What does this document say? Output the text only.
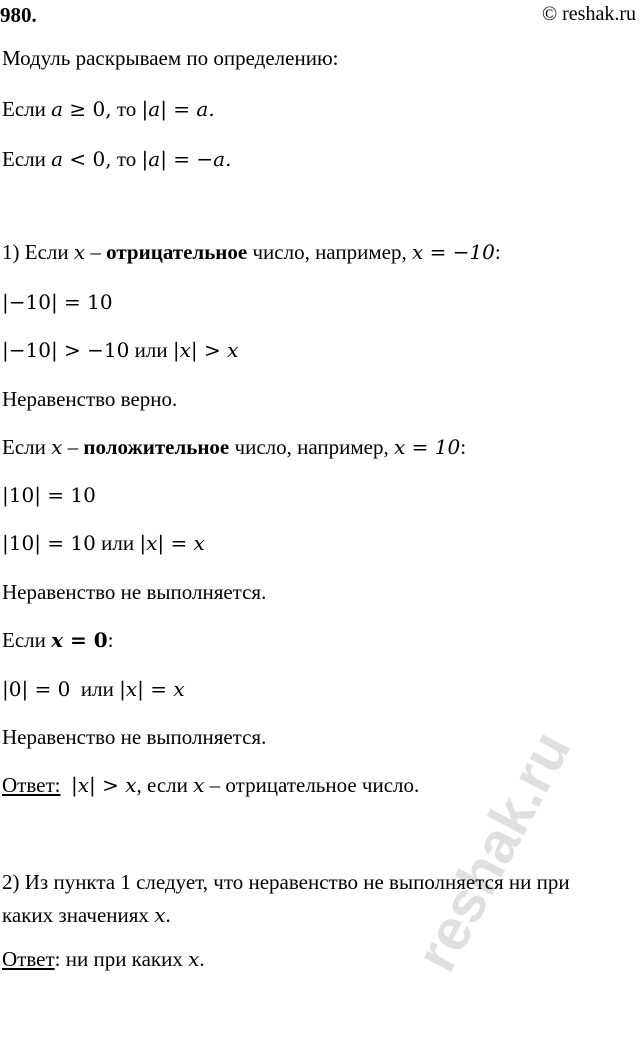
980.	© reshak.ru
Модуль раскрываем по определению:
Если a ≥ 0, то |a| = a.
Если a < 0, то |a| = −a.
1) Если x – отрицательное число, например, x = −10:
|−10| = 10
|−10| > −10 или |x| > x
Неравенство верно.
Если x – положительное число, например, x = 10:
|10| = 10
|10| = 10 или |x| = x
Неравенство не выполняется.
Если x = 0:
|0| = 0  или |x| = x
Неравенство не выполняется.
Ответ: |x| > x, если x – отрицательное число.
2) Из пункта 1 следует, что неравенство не выполняется ни при
каких значениях x.
Ответ: ни при каких x.	reshak.ru
